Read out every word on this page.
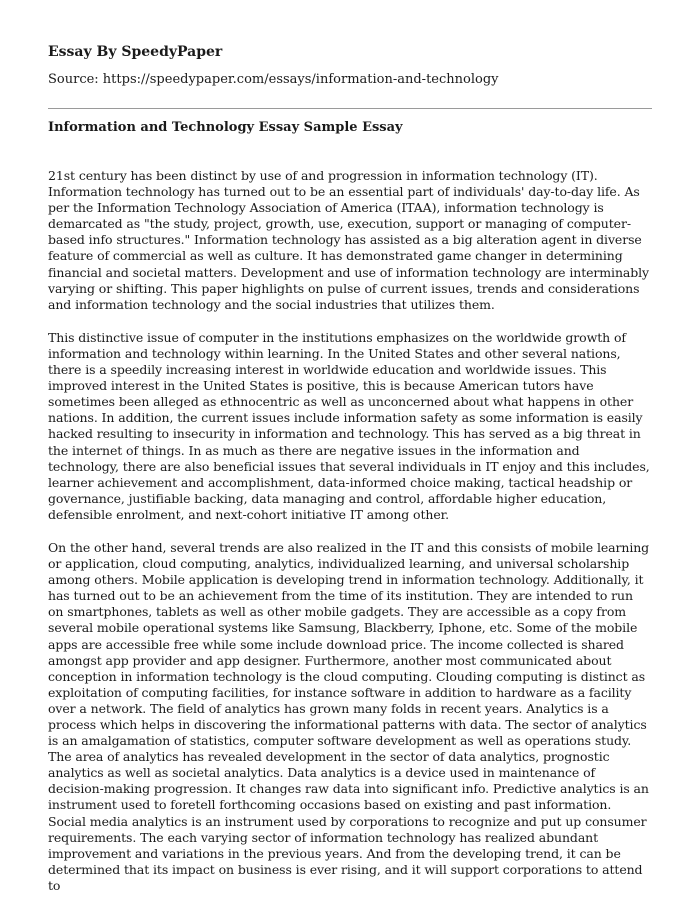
Essay By SpeedyPaper

Source: https://speedypaper.com/essays/information-and-technology

Information and Technology Essay Sample Essay

21st century has been distinct by use of and progression in information technology (IT). Information technology has turned out to be an essential part of individuals' day-to-day life. As per the Information Technology Association of America (ITAA), information technology is demarcated as "the study, project, growth, use, execution, support or managing of computer-based info structures." Information technology has assisted as a big alteration agent in diverse feature of commercial as well as culture. It has demonstrated game changer in determining financial and societal matters. Development and use of information technology are interminably varying or shifting. This paper highlights on pulse of current issues, trends and considerations and information technology and the social industries that utilizes them.

This distinctive issue of computer in the institutions emphasizes on the worldwide growth of information and technology within learning. In the United States and other several nations, there is a speedily increasing interest in worldwide education and worldwide issues. This improved interest in the United States is positive, this is because American tutors have sometimes been alleged as ethnocentric as well as unconcerned about what happens in other nations. In addition, the current issues include information safety as some information is easily hacked resulting to insecurity in information and technology. This has served as a big threat in the internet of things. In as much as there are negative issues in the information and technology, there are also beneficial issues that several individuals in IT enjoy and this includes, learner achievement and accomplishment, data-informed choice making, tactical headship or governance, justifiable backing, data managing and control, affordable higher education, defensible enrolment, and next-cohort initiative IT among other.

On the other hand, several trends are also realized in the IT and this consists of mobile learning or application, cloud computing, analytics, individualized learning, and universal scholarship among others. Mobile application is developing trend in information technology. Additionally, it has turned out to be an achievement from the time of its institution. They are intended to run on smartphones, tablets as well as other mobile gadgets. They are accessible as a copy from several mobile operational systems like Samsung, Blackberry, Iphone, etc. Some of the mobile apps are accessible free while some include download price. The income collected is shared amongst app provider and app designer. Furthermore, another most communicated about conception in information technology is the cloud computing. Clouding computing is distinct as exploitation of computing facilities, for instance software in addition to hardware as a facility over a network. The field of analytics has grown many folds in recent years. Analytics is a process which helps in discovering the informational patterns with data. The sector of analytics is an amalgamation of statistics, computer software development as well as operations study. The area of analytics has revealed development in the sector of data analytics, prognostic analytics as well as societal analytics. Data analytics is a device used in maintenance of decision-making progression. It changes raw data into significant info. Predictive analytics is an instrument used to foretell forthcoming occasions based on existing and past information. Social media analytics is an instrument used by corporations to recognize and put up consumer requirements. The each varying sector of information technology has realized abundant improvement and variations in the previous years. And from the developing trend, it can be determined that its impact on business is ever rising, and it will support corporations to attend to
